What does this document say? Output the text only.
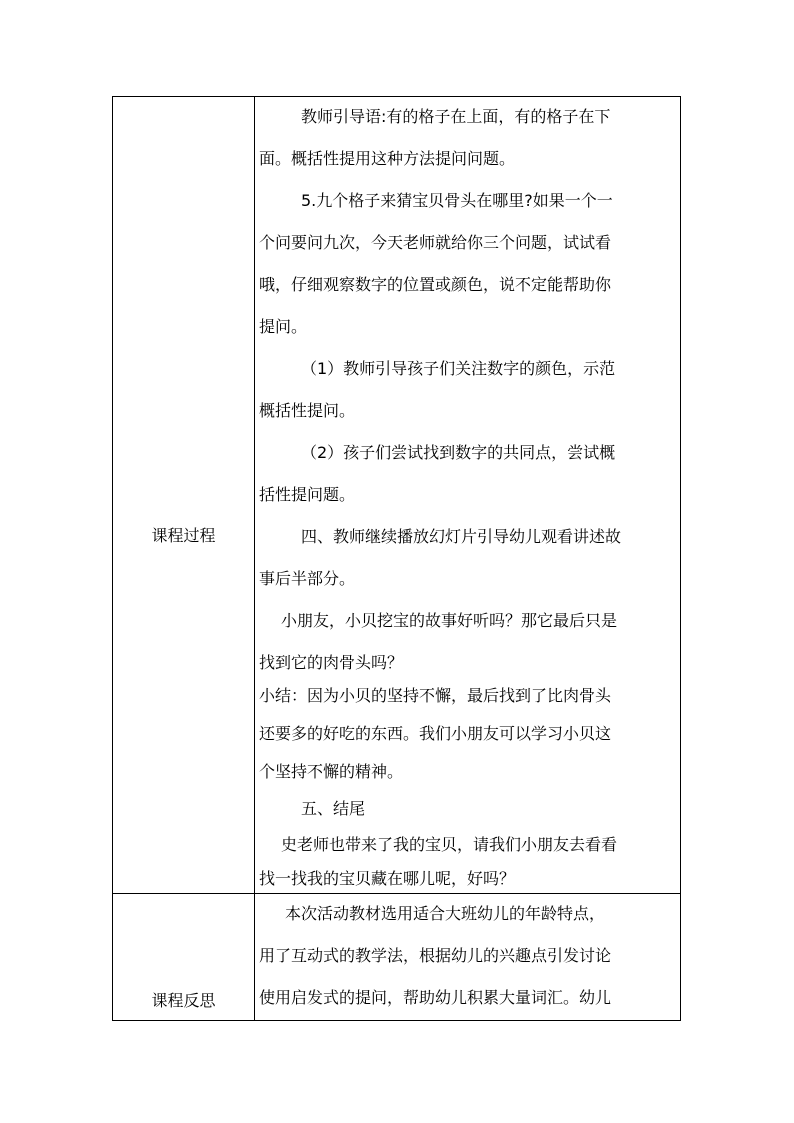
课程过程
教师引导语:有的格子在上面，有的格子在下
面。概括性提用这种方法提问问题。
5.九个格子来猜宝贝骨头在哪里?如果一个一
个问要问九次，今天老师就给你三个问题，试试看
哦，仔细观察数字的位置或颜色，说不定能帮助你
提问。
（1）教师引导孩子们关注数字的颜色，示范
概括性提问。
（2）孩子们尝试找到数字的共同点，尝试概
括性提问题。
四、教师继续播放幻灯片引导幼儿观看讲述故
事后半部分。
小朋友，小贝挖宝的故事好听吗？那它最后只是
找到它的肉骨头吗？
小结：因为小贝的坚持不懈，最后找到了比肉骨头
还要多的好吃的东西。我们小朋友可以学习小贝这
个坚持不懈的精神。
五、结尾
史老师也带来了我的宝贝，请我们小朋友去看看
找一找我的宝贝藏在哪儿呢，好吗？
课程反思
本次活动教材选用适合大班幼儿的年龄特点，
用了互动式的教学法，根据幼儿的兴趣点引发讨论
使用启发式的提问，帮助幼儿积累大量词汇。幼儿
